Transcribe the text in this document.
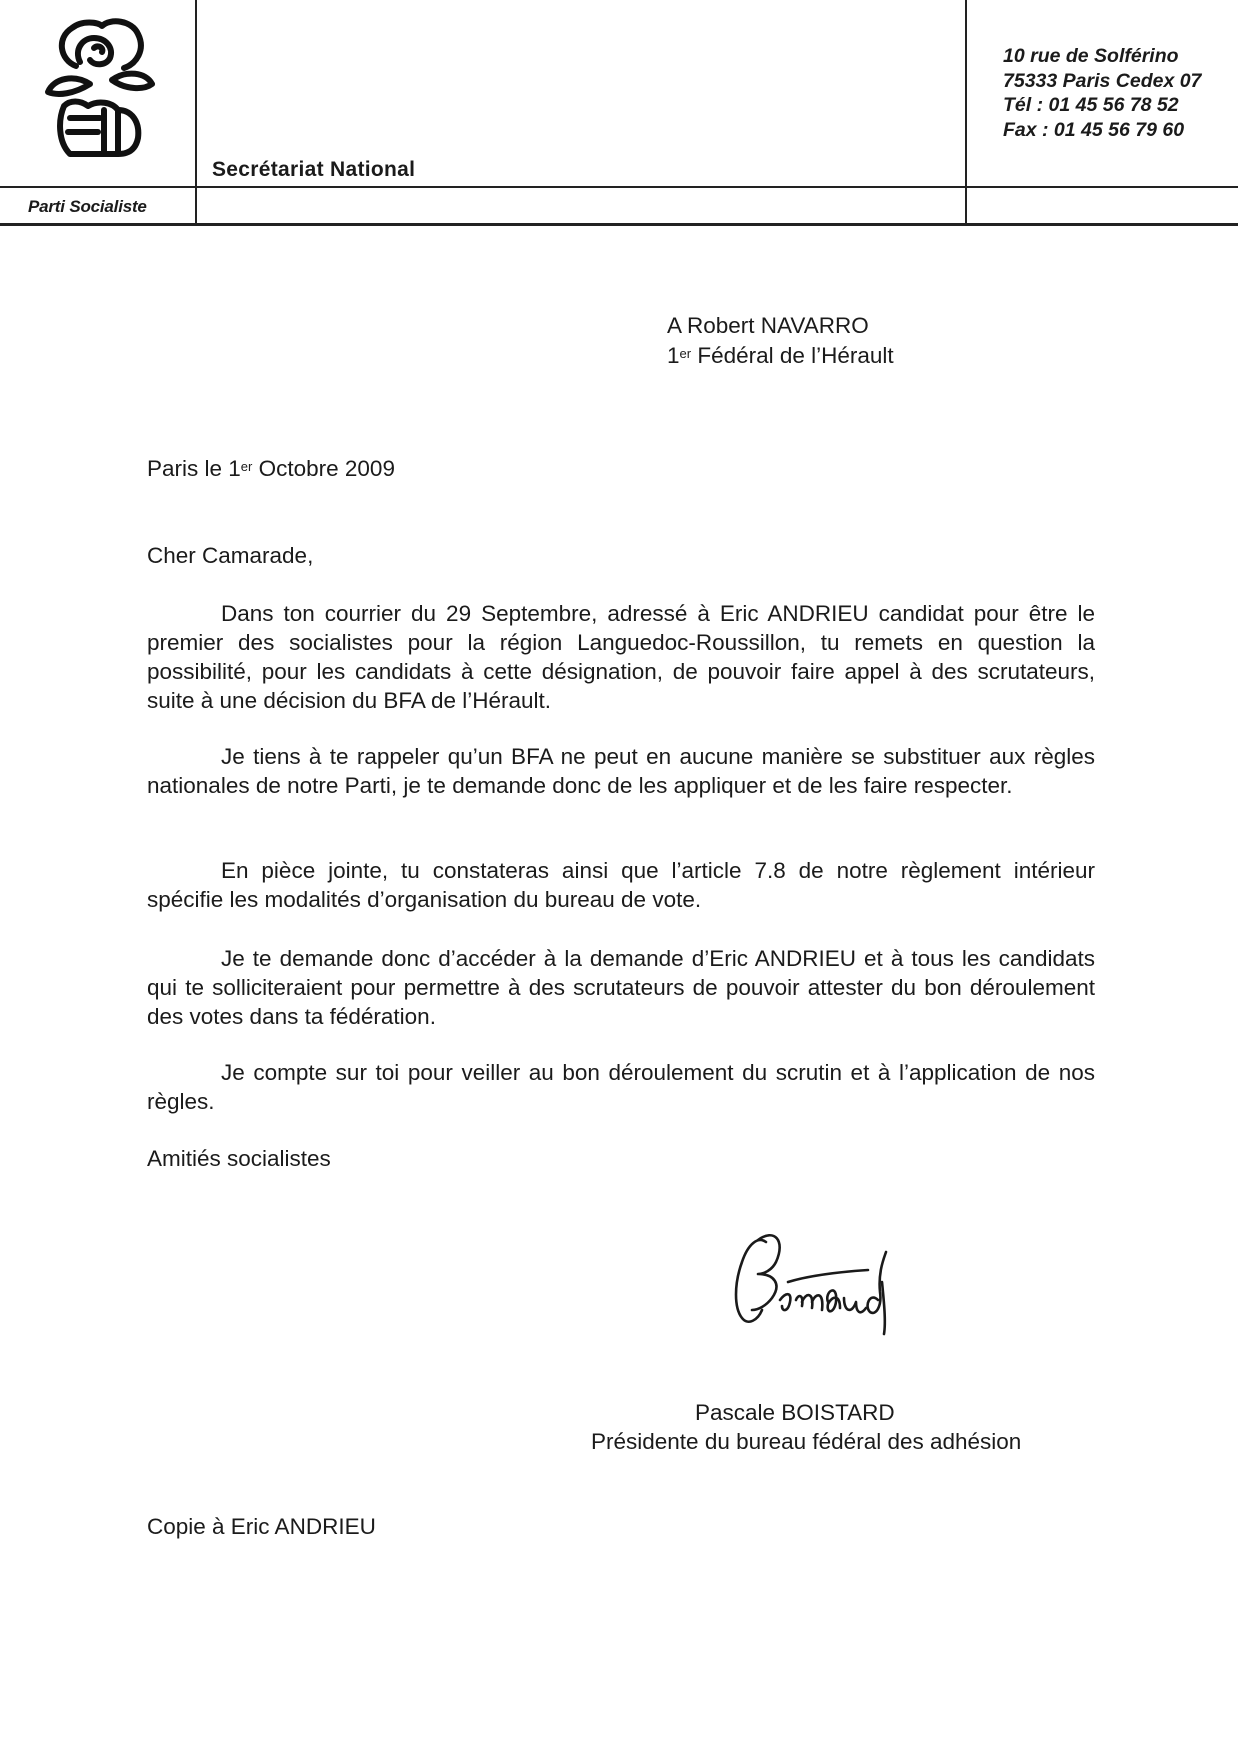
Parti Socialiste
Secrétariat National
10 rue de Solférino
75333 Paris Cedex 07
Tél : 01 45 56 78 52
Fax : 01 45 56 79 60
A Robert NAVARRO
1er Fédéral de l’Hérault
Paris le 1er Octobre 2009
Cher Camarade,
Dans ton courrier du 29 Septembre, adressé à Eric ANDRIEU candidat pour être le premier des socialistes pour la région Languedoc-Roussillon, tu remets en question la possibilité, pour les candidats à cette désignation, de pouvoir faire appel à des scrutateurs, suite à une décision du BFA de l’Hérault.
Je tiens à te rappeler qu’un BFA ne peut en aucune manière se substituer aux règles nationales de notre Parti, je te demande donc de les appliquer et de les faire respecter.
En pièce jointe, tu constateras ainsi que l’article 7.8 de notre règlement intérieur spécifie les modalités d’organisation du bureau de vote.
Je te demande donc d’accéder à la demande d’Eric ANDRIEU et à tous les candidats qui te solliciteraient pour permettre à des scrutateurs de pouvoir attester du bon déroulement des votes dans ta fédération.
Je compte sur toi pour veiller au bon déroulement du scrutin et à l’application de nos règles.
Amitiés socialistes
Pascale BOISTARD
Présidente du bureau fédéral des adhésion
Copie à Eric ANDRIEU
